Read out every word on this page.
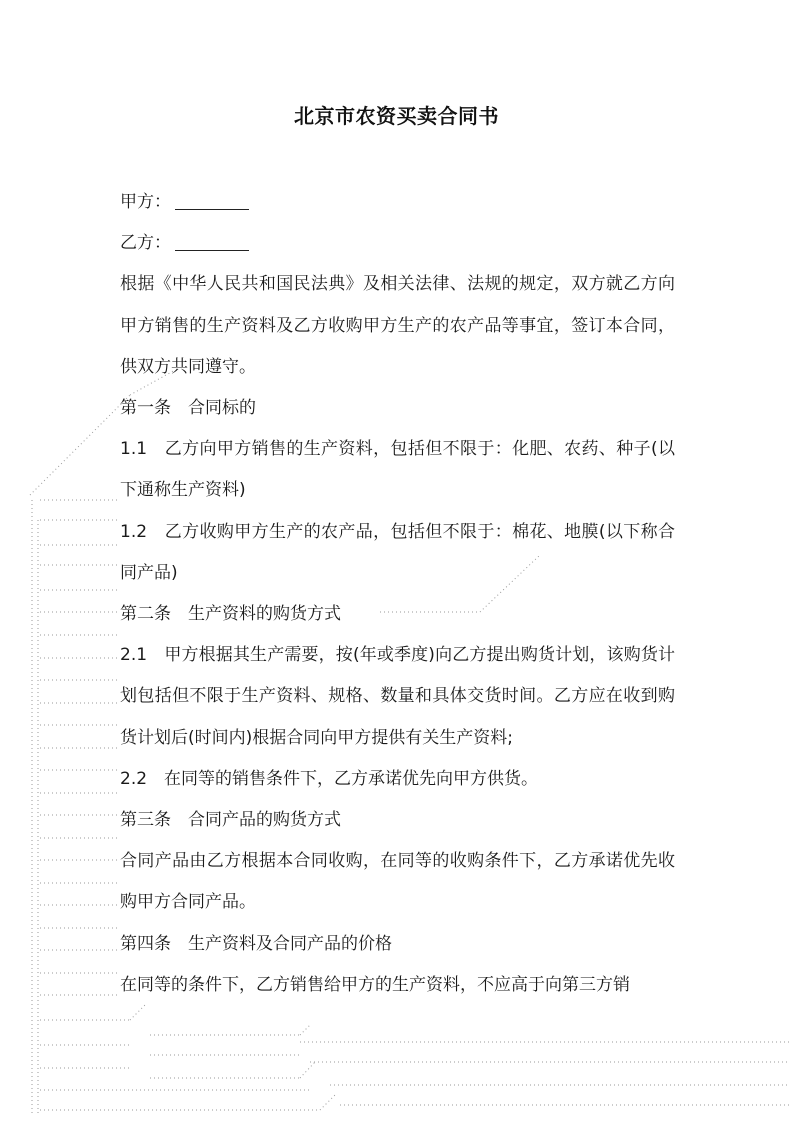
北京市农资买卖合同书

甲方：

乙方：

根据《中华人民共和国民法典》及相关法律、法规的规定，双方就乙方向甲方销售的生产资料及乙方收购甲方生产的农产品等事宜，签订本合同，供双方共同遵守。

第一条　合同标的

1.1　乙方向甲方销售的生产资料，包括但不限于：化肥、农药、种子(以下通称生产资料)

1.2　乙方收购甲方生产的农产品，包括但不限于：棉花、地膜(以下称合同产品)

第二条　生产资料的购货方式

2.1　甲方根据其生产需要，按(年或季度)向乙方提出购货计划，该购货计划包括但不限于生产资料、规格、数量和具体交货时间。乙方应在收到购货计划后(时间内)根据合同向甲方提供有关生产资料;

2.2　在同等的销售条件下，乙方承诺优先向甲方供货。

第三条　合同产品的购货方式

合同产品由乙方根据本合同收购，在同等的收购条件下，乙方承诺优先收购甲方合同产品。

第四条　生产资料及合同产品的价格

在同等的条件下，乙方销售给甲方的生产资料，不应高于向第三方销
